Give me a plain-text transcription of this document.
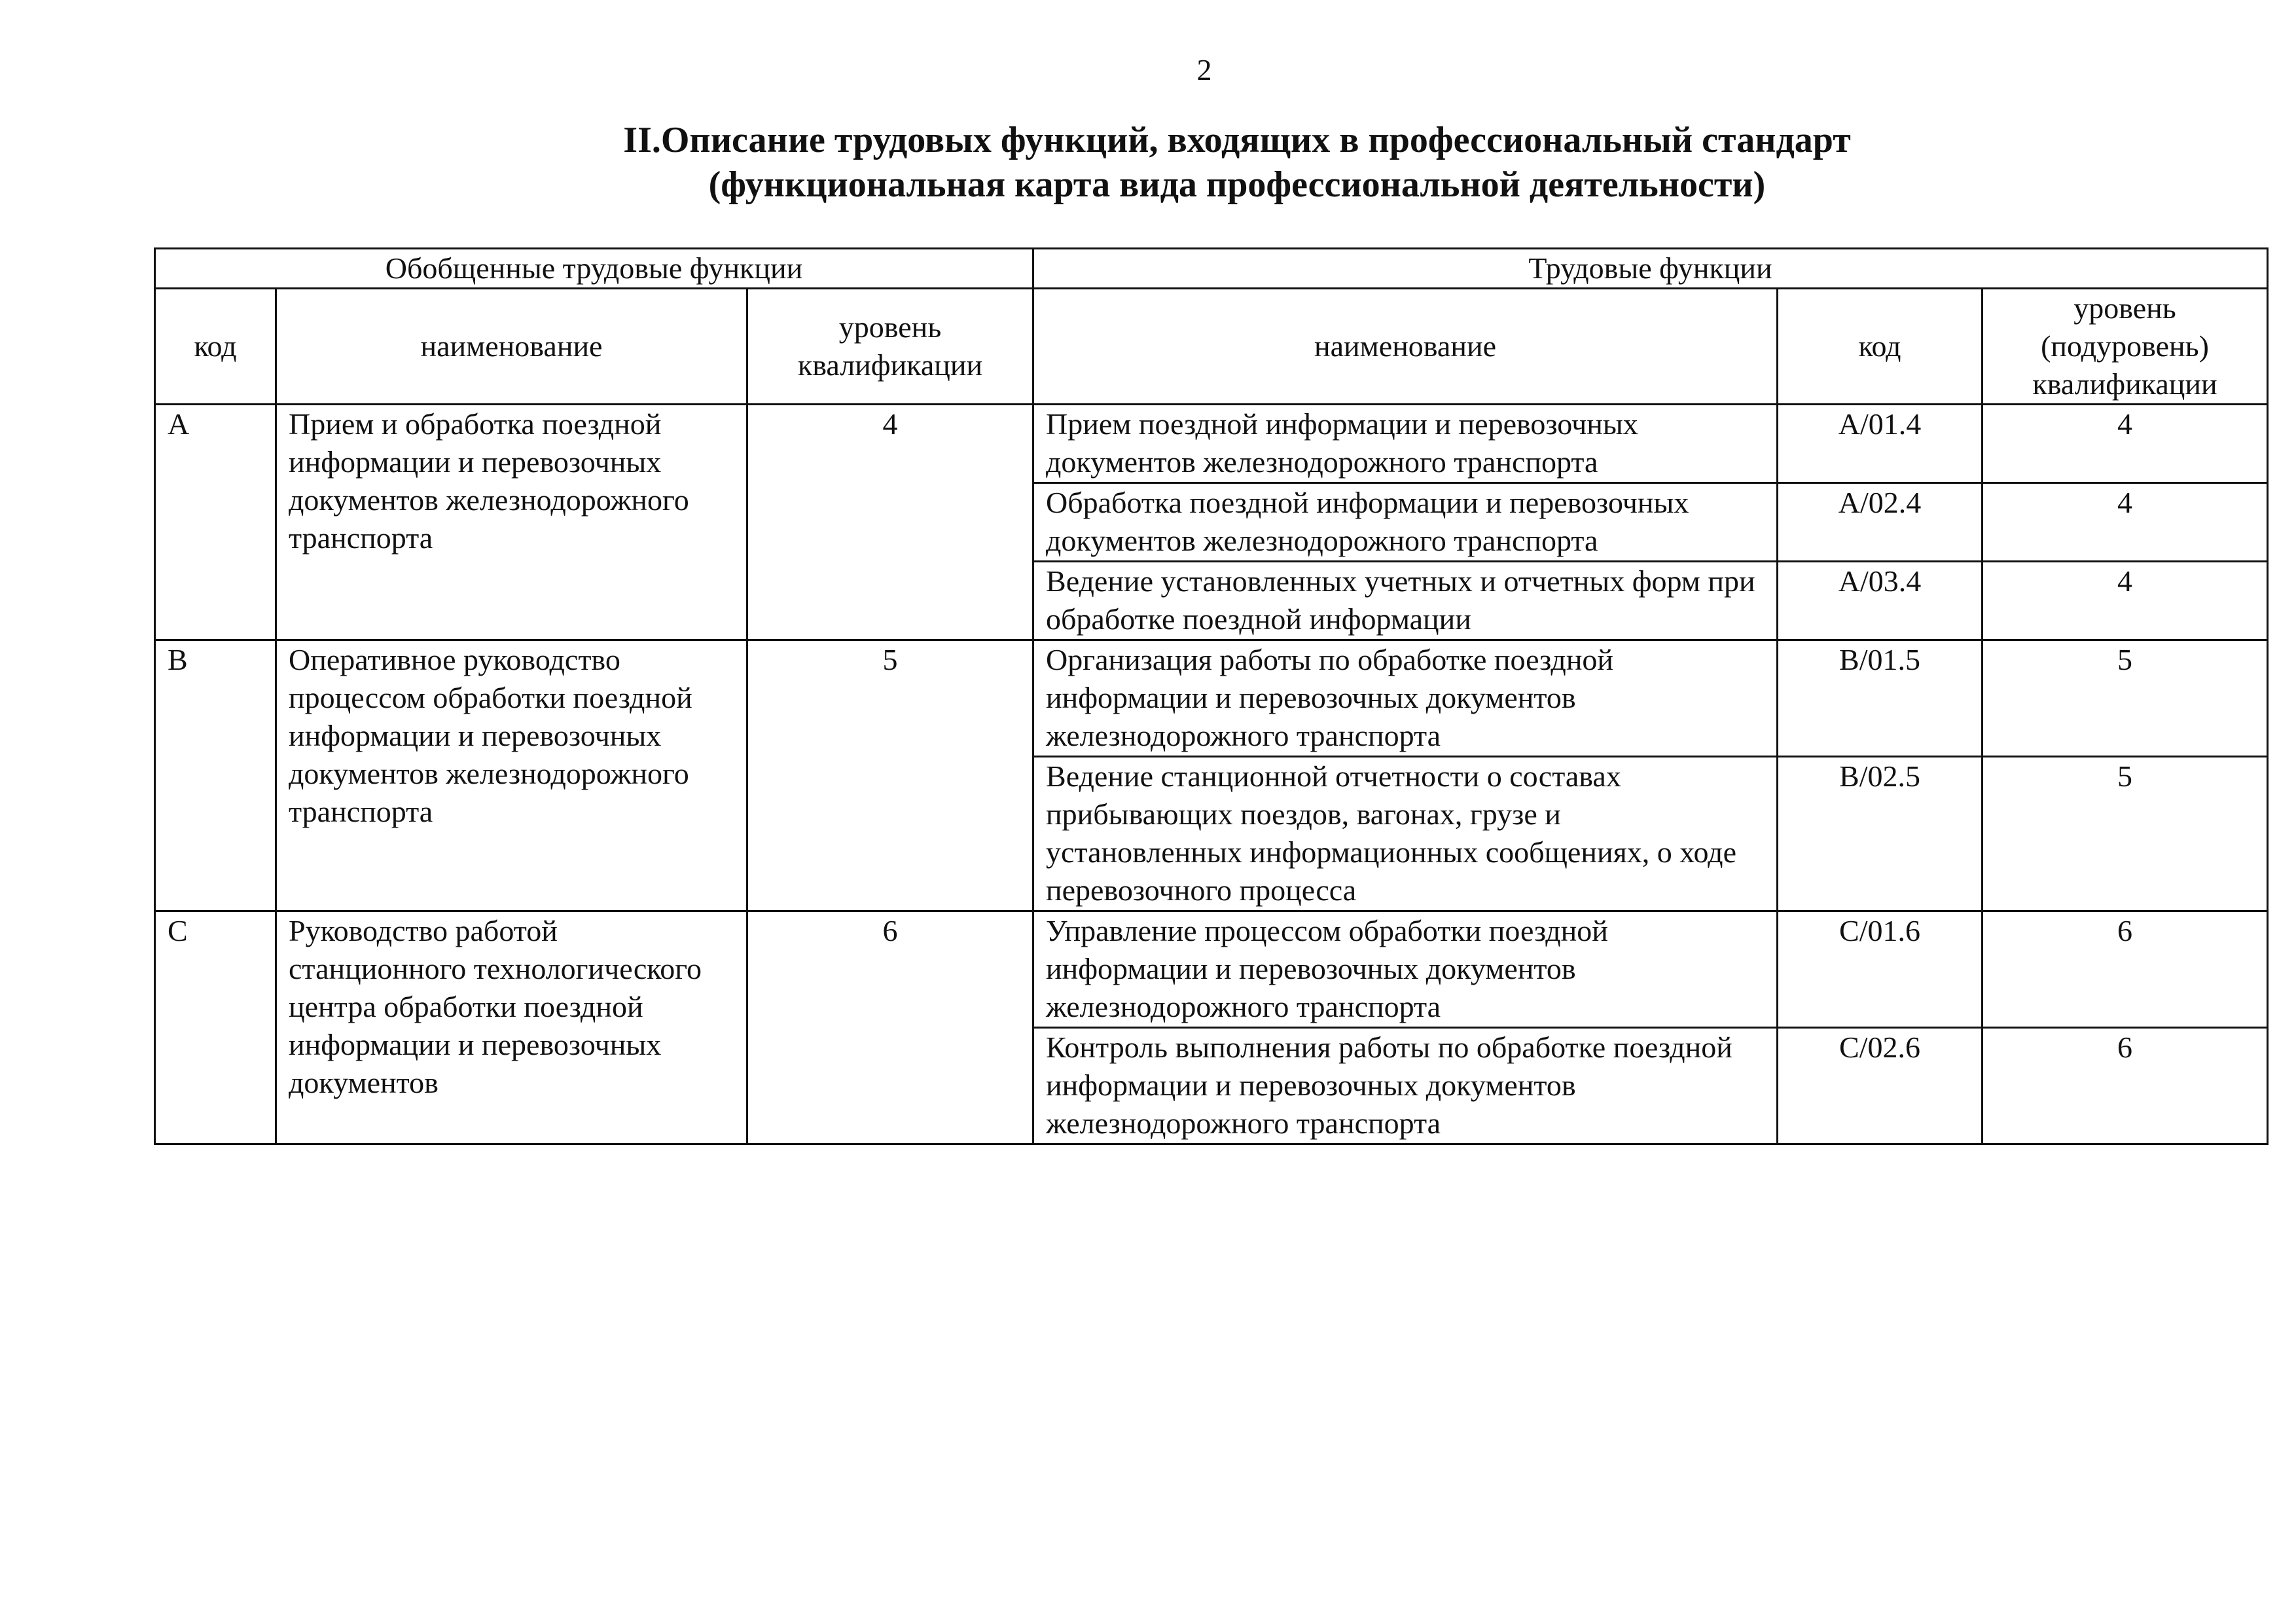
2
II.Описание трудовых функций, входящих в профессиональный стандарт
(функциональная карта вида профессиональной деятельности)
Обобщенные трудовые функции			Трудовые функции		
код	наименование	уровень квалификации	наименование	код	уровень (подуровень) квалификации
A	Прием и обработка поездной информации и перевозочных документов железнодорожного транспорта	4	Прием поездной информации и перевозочных документов железнодорожного транспорта	A/01.4	4
			Обработка поездной информации и перевозочных документов железнодорожного транспорта	A/02.4	4
			Ведение установленных учетных и отчетных форм при обработке поездной информации	A/03.4	4
B	Оперативное руководство процессом обработки поездной информации и перевозочных документов железнодорожного транспорта	5	Организация работы по обработке поездной информации и перевозочных документов железнодорожного транспорта	B/01.5	5
			Ведение станционной отчетности о составах прибывающих поездов, вагонах, грузе и установленных информационных сообщениях, о ходе перевозочного процесса	B/02.5	5
C	Руководство работой станционного технологического центра обработки поездной информации и перевозочных документов	6	Управление процессом обработки поездной информации и перевозочных документов железнодорожного транспорта	C/01.6	6
			Контроль выполнения работы по обработке поездной информации и перевозочных документов железнодорожного транспорта	C/02.6	6
